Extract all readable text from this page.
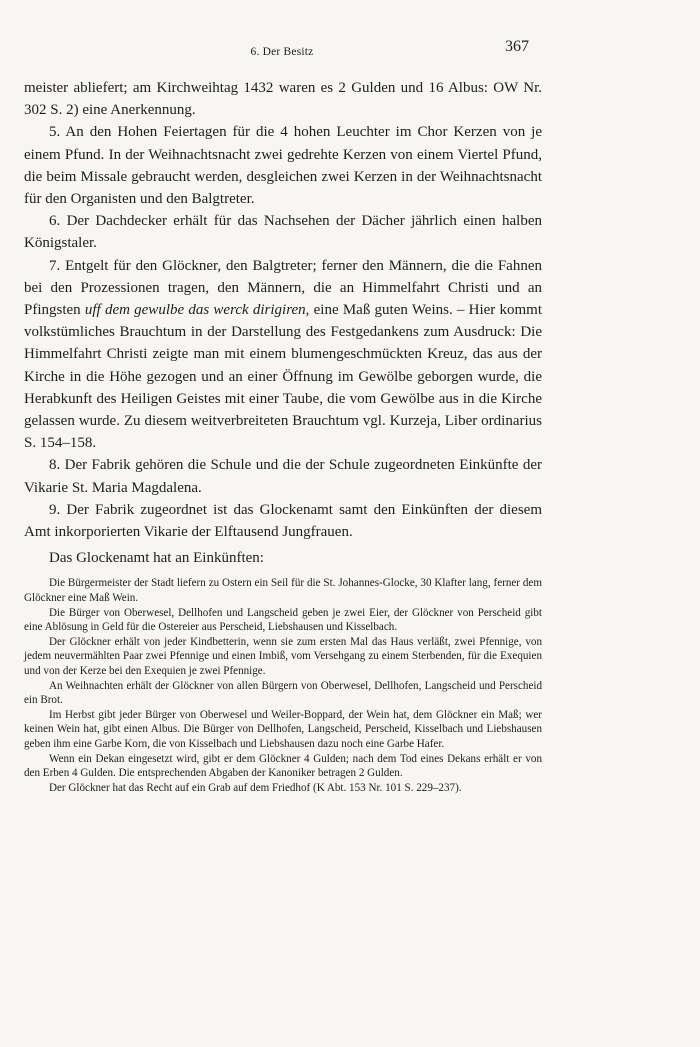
6. Der Besitz	367

meister abliefert; am Kirchweihtag 1432 waren es 2 Gulden und 16 Albus: OW Nr. 302 S. 2) eine Anerkennung.

5. An den Hohen Feiertagen für die 4 hohen Leuchter im Chor Kerzen von je einem Pfund. In der Weihnachtsnacht zwei gedrehte Kerzen von einem Viertel Pfund, die beim Missale gebraucht werden, desgleichen zwei Kerzen in der Weihnachtsnacht für den Organisten und den Balgtreter.

6. Der Dachdecker erhält für das Nachsehen der Dächer jährlich einen halben Königstaler.

7. Entgelt für den Glöckner, den Balgtreter; ferner den Männern, die die Fahnen bei den Prozessionen tragen, den Männern, die an Himmelfahrt Christi und an Pfingsten uff dem gewulbe das werck dirigiren, eine Maß guten Weins. – Hier kommt volkstümliches Brauchtum in der Darstellung des Festgedankens zum Ausdruck: Die Himmelfahrt Christi zeigte man mit einem blumengeschmückten Kreuz, das aus der Kirche in die Höhe gezogen und an einer Öffnung im Gewölbe geborgen wurde, die Herabkunft des Heiligen Geistes mit einer Taube, die vom Gewölbe aus in die Kirche gelassen wurde. Zu diesem weitverbreiteten Brauchtum vgl. Kurzeja, Liber ordinarius S. 154–158.

8. Der Fabrik gehören die Schule und die der Schule zugeordneten Einkünfte der Vikarie St. Maria Magdalena.

9. Der Fabrik zugeordnet ist das Glockenamt samt den Einkünften der diesem Amt inkorporierten Vikarie der Elftausend Jungfrauen.

Das Glockenamt hat an Einkünften:

Die Bürgermeister der Stadt liefern zu Ostern ein Seil für die St. Johannes-Glocke, 30 Klafter lang, ferner dem Glöckner eine Maß Wein.

Die Bürger von Oberwesel, Dellhofen und Langscheid geben je zwei Eier, der Glöckner von Perscheid gibt eine Ablösung in Geld für die Ostereier aus Perscheid, Liebshausen und Kisselbach.

Der Glöckner erhält von jeder Kindbetterin, wenn sie zum ersten Mal das Haus verläßt, zwei Pfennige, von jedem neuvermählten Paar zwei Pfennige und einen Imbiß, vom Versehgang zu einem Sterbenden, für die Exequien und von der Kerze bei den Exequien je zwei Pfennige.

An Weihnachten erhält der Glöckner von allen Bürgern von Oberwesel, Dellhofen, Langscheid und Perscheid ein Brot.

Im Herbst gibt jeder Bürger von Oberwesel und Weiler-Boppard, der Wein hat, dem Glöckner ein Maß; wer keinen Wein hat, gibt einen Albus. Die Bürger von Dellhofen, Langscheid, Perscheid, Kisselbach und Liebshausen geben ihm eine Garbe Korn, die von Kisselbach und Liebshausen dazu noch eine Garbe Hafer.

Wenn ein Dekan eingesetzt wird, gibt er dem Glöckner 4 Gulden; nach dem Tod eines Dekans erhält er von den Erben 4 Gulden. Die entsprechenden Abgaben der Kanoniker betragen 2 Gulden.

Der Glöckner hat das Recht auf ein Grab auf dem Friedhof (K Abt. 153 Nr. 101 S. 229–237).
